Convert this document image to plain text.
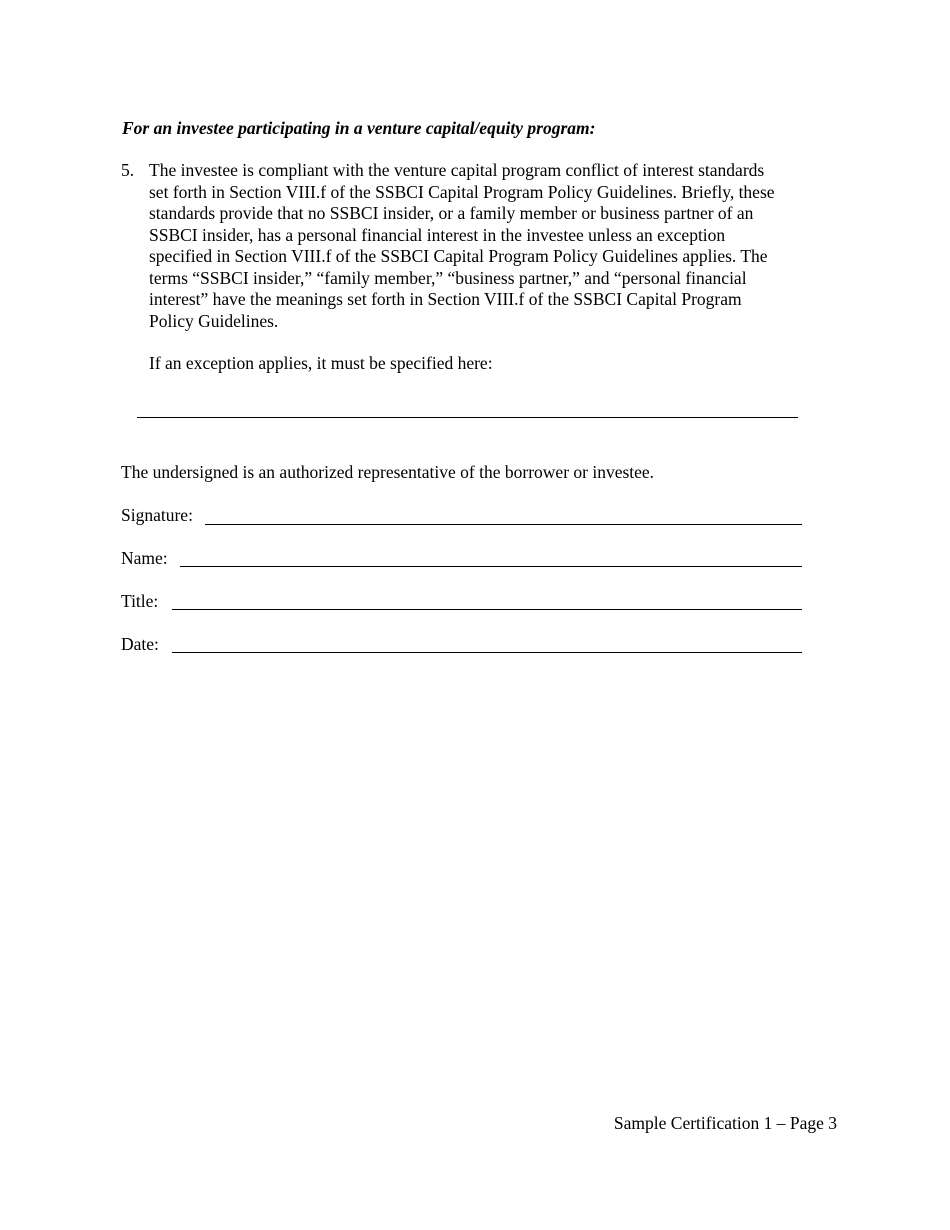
For an investee participating in a venture capital/equity program:
5. The investee is compliant with the venture capital program conflict of interest standards
set forth in Section VIII.f of the SSBCI Capital Program Policy Guidelines. Briefly, these
standards provide that no SSBCI insider, or a family member or business partner of an
SSBCI insider, has a personal financial interest in the investee unless an exception
specified in Section VIII.f of the SSBCI Capital Program Policy Guidelines applies. The
terms “SSBCI insider,” “family member,” “business partner,” and “personal financial
interest” have the meanings set forth in Section VIII.f of the SSBCI Capital Program
Policy Guidelines.
If an exception applies, it must be specified here:
The undersigned is an authorized representative of the borrower or investee.
Signature:
Name:
Title:
Date:
Sample Certification 1 – Page 3
